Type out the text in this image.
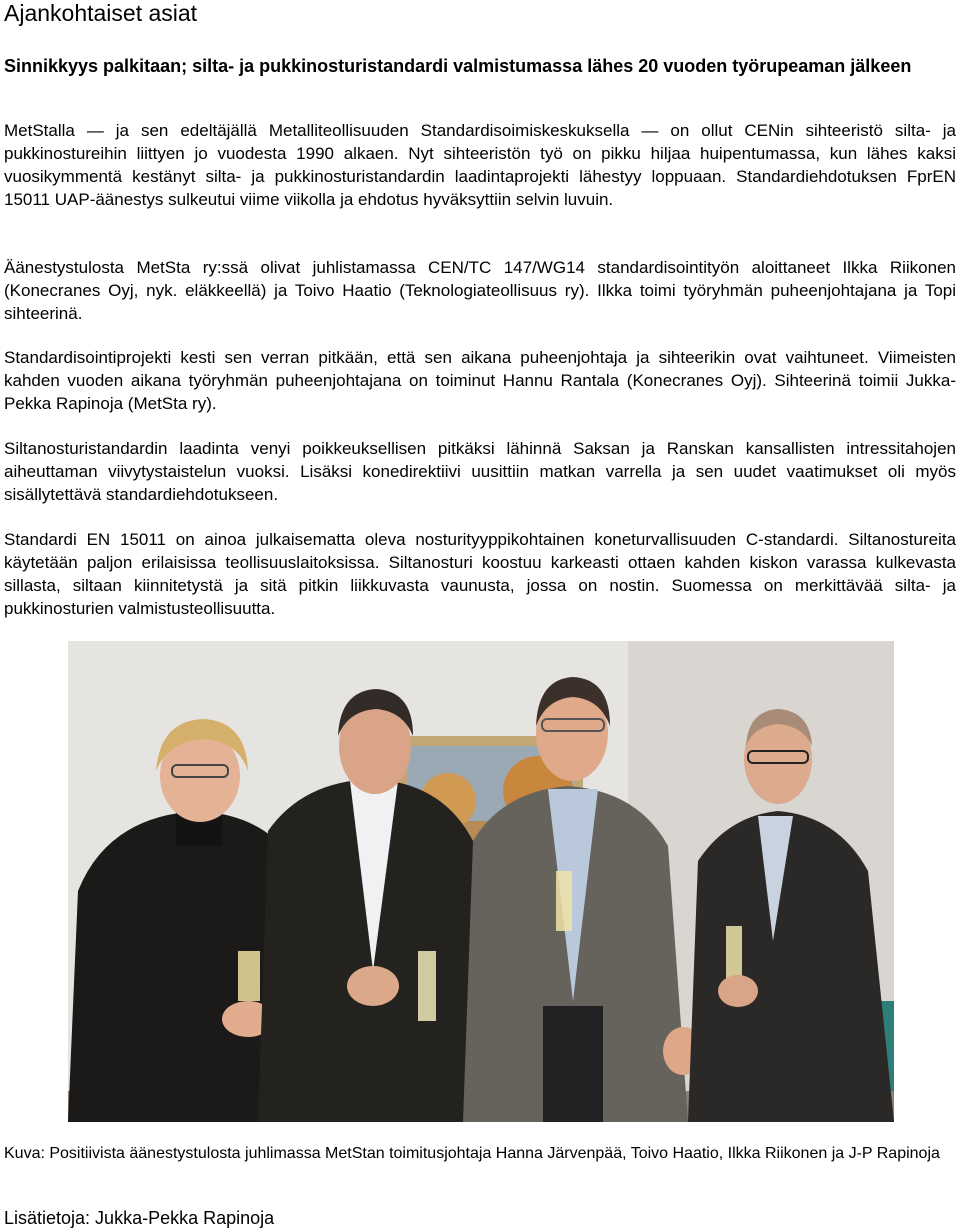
Ajankohtaiset asiat
Sinnikkyys palkitaan; silta- ja pukkinosturistandardi valmistumassa lähes 20 vuoden työrupeaman jälkeen

MetStalla — ja sen edeltäjällä Metalliteollisuuden Standardisoimiskeskuksella — on ollut CENin sihteeristö silta- ja pukkinostureihin liittyen jo vuodesta 1990 alkaen. Nyt sihteeristön työ on pikku hiljaa huipentumassa, kun lähes kaksi vuosikymmentä kestänyt silta- ja pukkinosturistandardin laadintaprojekti lähestyy loppuaan. Standardiehdotuksen FprEN 15011 UAP-äänestys sulkeutui viime viikolla ja ehdotus hyväksyttiin selvin luvuin.

Äänestystulosta MetSta ry:ssä olivat juhlistamassa CEN/TC 147/WG14 standardisointityön aloittaneet Ilkka Riikonen (Konecranes Oyj, nyk. eläkkeellä) ja Toivo Haatio (Teknologiateollisuus ry). Ilkka toimi työryhmän puheenjohtajana ja Topi sihteerinä.

Standardisointiprojekti kesti sen verran pitkään, että sen aikana puheenjohtaja ja sihteerikin ovat vaihtuneet. Viimeisten kahden vuoden aikana työryhmän puheenjohtajana on toiminut Hannu Rantala (Konecranes Oyj). Sihteerinä toimii Jukka-Pekka Rapinoja (MetSta ry).

Siltanosturistandardin laadinta venyi poikkeuksellisen pitkäksi lähinnä Saksan ja Ranskan kansallisten intressitahojen aiheuttaman viivytystaistelun vuoksi. Lisäksi konedirektiivi uusittiin matkan varrella ja sen uudet vaatimukset oli myös sisällytettävä standardiehdotukseen.

Standardi EN 15011 on ainoa julkaisematta oleva nosturityyppikohtainen koneturvallisuuden C-standardi. Siltanostureita käytetään paljon erilaisissa teollisuuslaitoksissa. Siltanosturi koostuu karkeasti ottaen kahden kiskon varassa kulkevasta sillasta, siltaan kiinnitetystä ja sitä pitkin liikkuvasta vaunusta, jossa on nostin. Suomessa on merkittävää silta- ja pukkinosturien valmistusteollisuutta.

Kuva: Positiivista äänestystulosta juhlimassa MetStan toimitusjohtaja Hanna Järvenpää, Toivo Haatio, Ilkka Riikonen ja J-P Rapinoja

Lisätietoja: Jukka-Pekka Rapinoja
